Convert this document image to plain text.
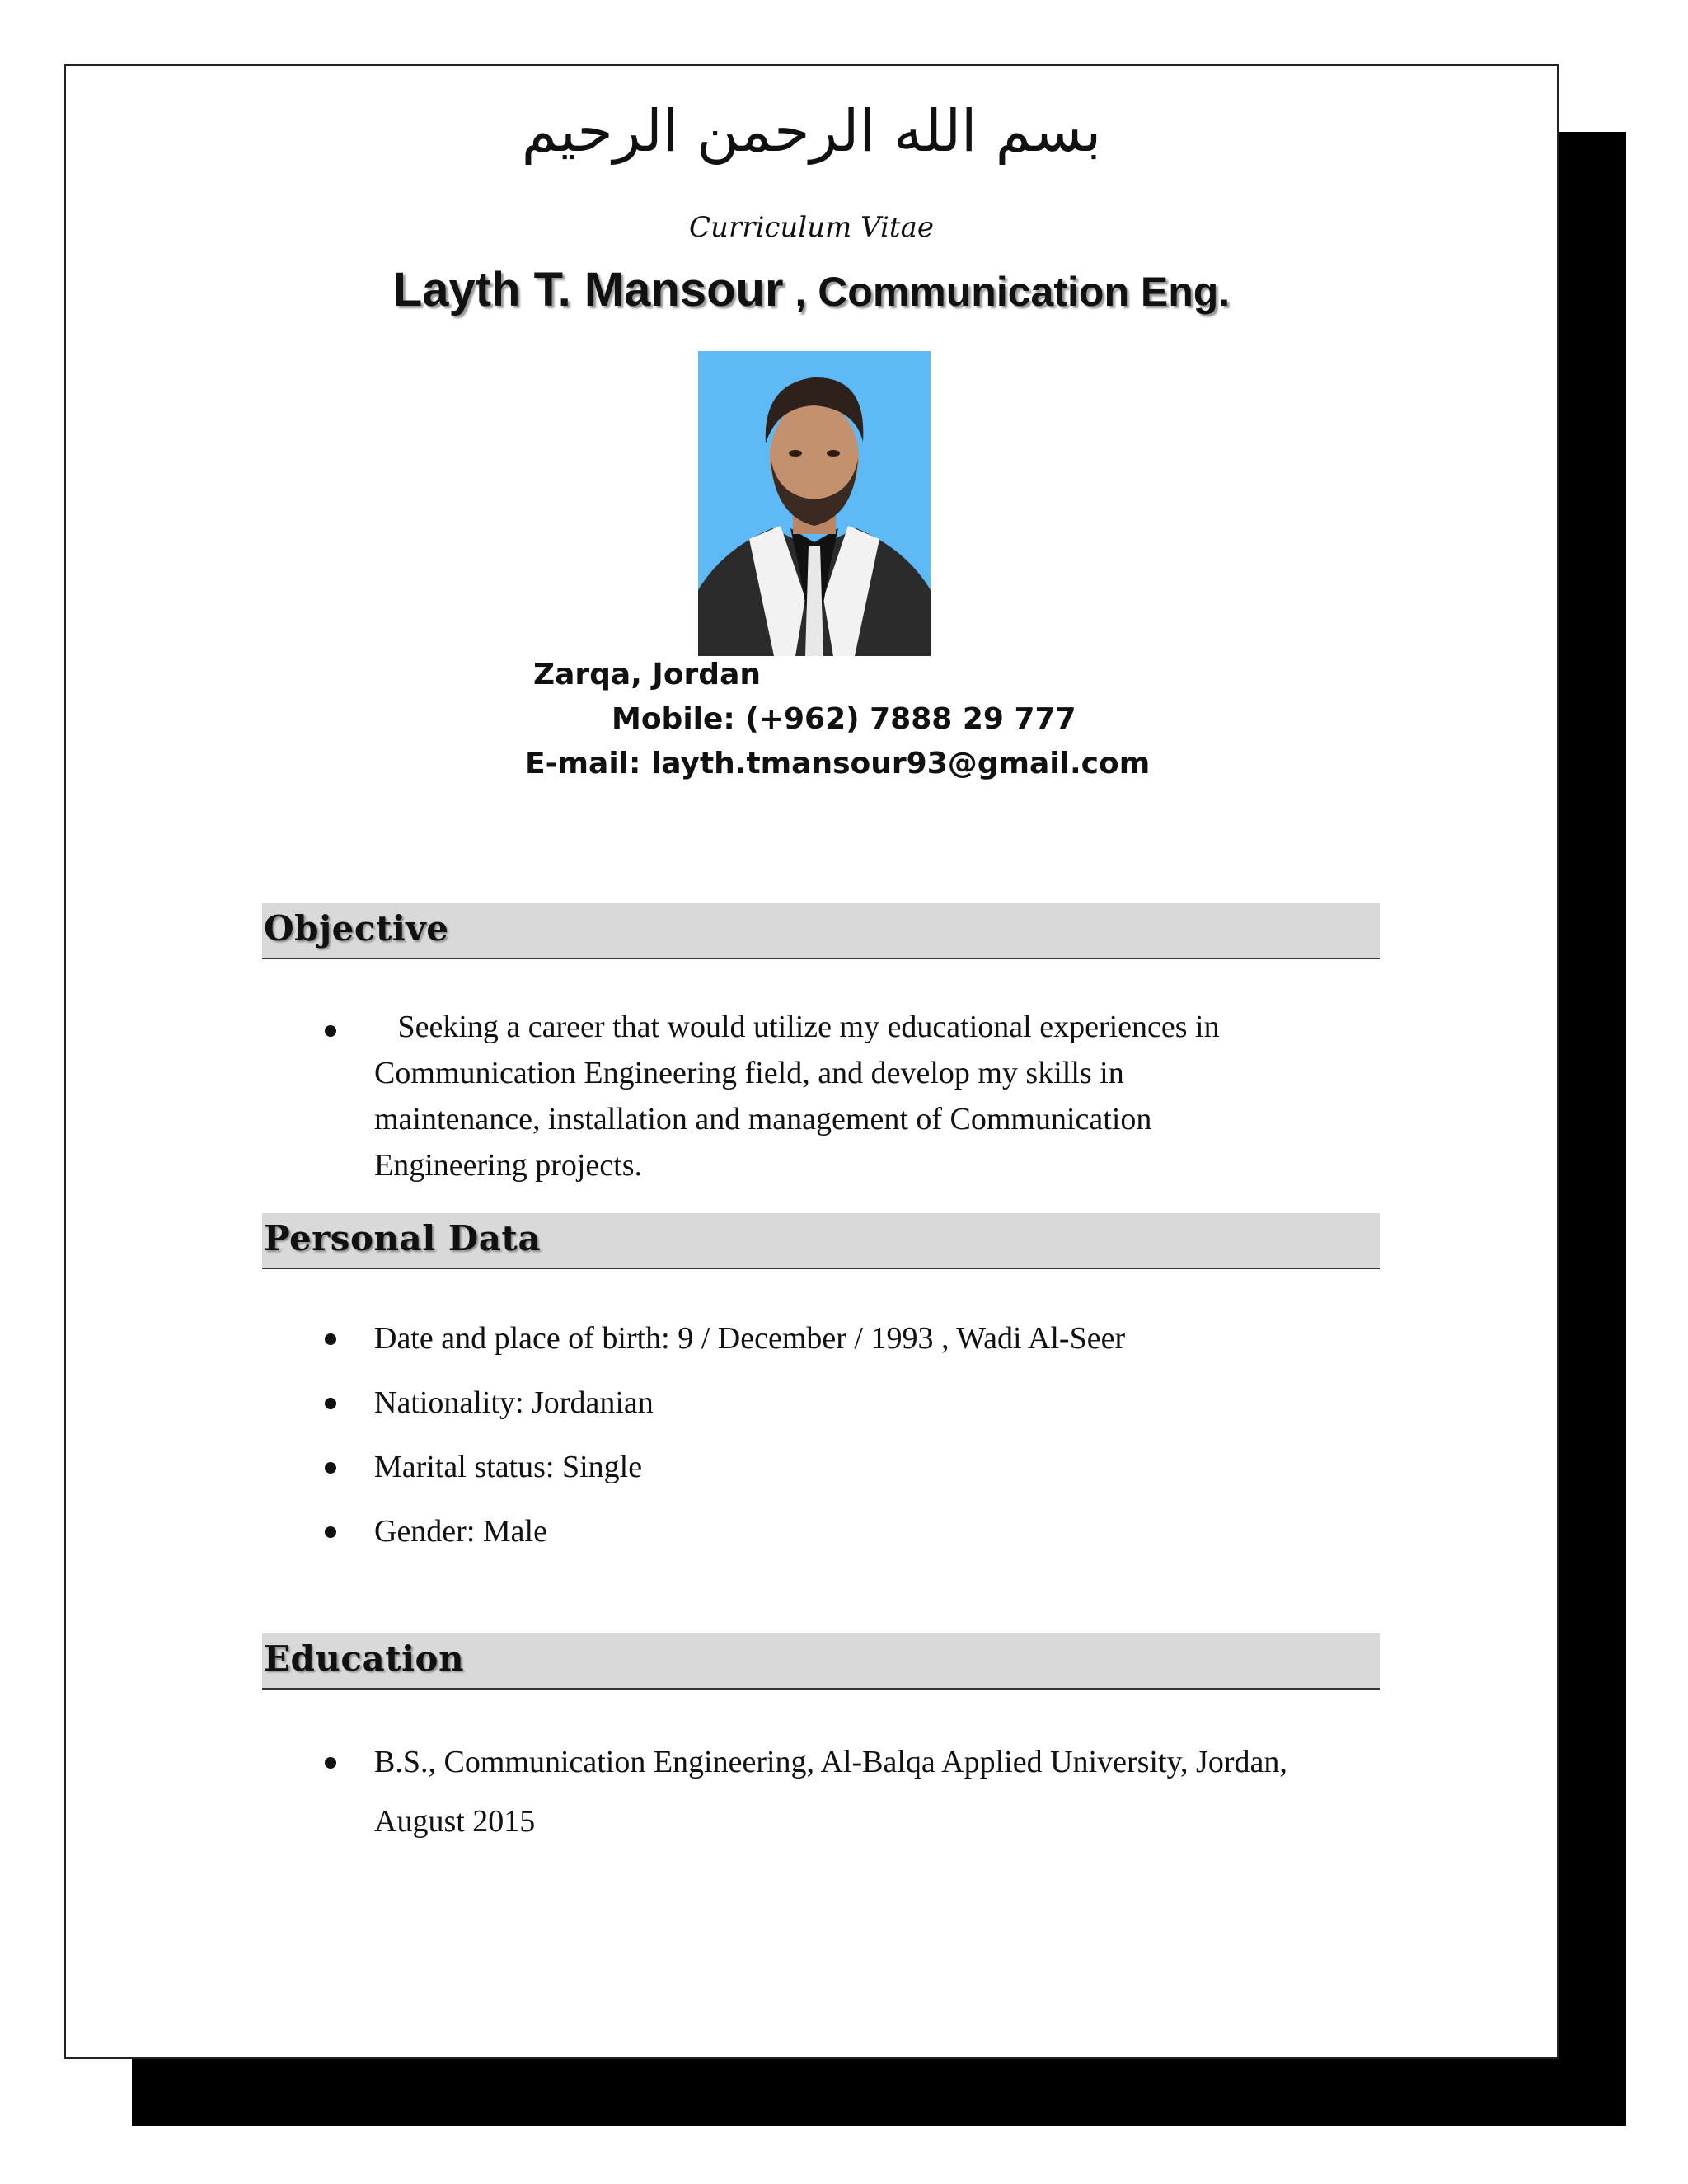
بسم الله الرحمن الرحيم
Curriculum Vitae
Layth T. Mansour , Communication Eng.
Zarqa, Jordan
Mobile: (+962) 7888 29 777
E-mail: layth.tmansour93@gmail.com
Objective
Seeking a career that would utilize my educational experiences in
Communication Engineering field, and develop my skills in
maintenance, installation and management of Communication
Engineering projects.
Personal Data
Date and place of birth: 9 / December / 1993 , Wadi Al-Seer
Nationality: Jordanian
Marital status: Single
Gender: Male
Education
B.S., Communication Engineering, Al-Balqa Applied University, Jordan,
August 2015
